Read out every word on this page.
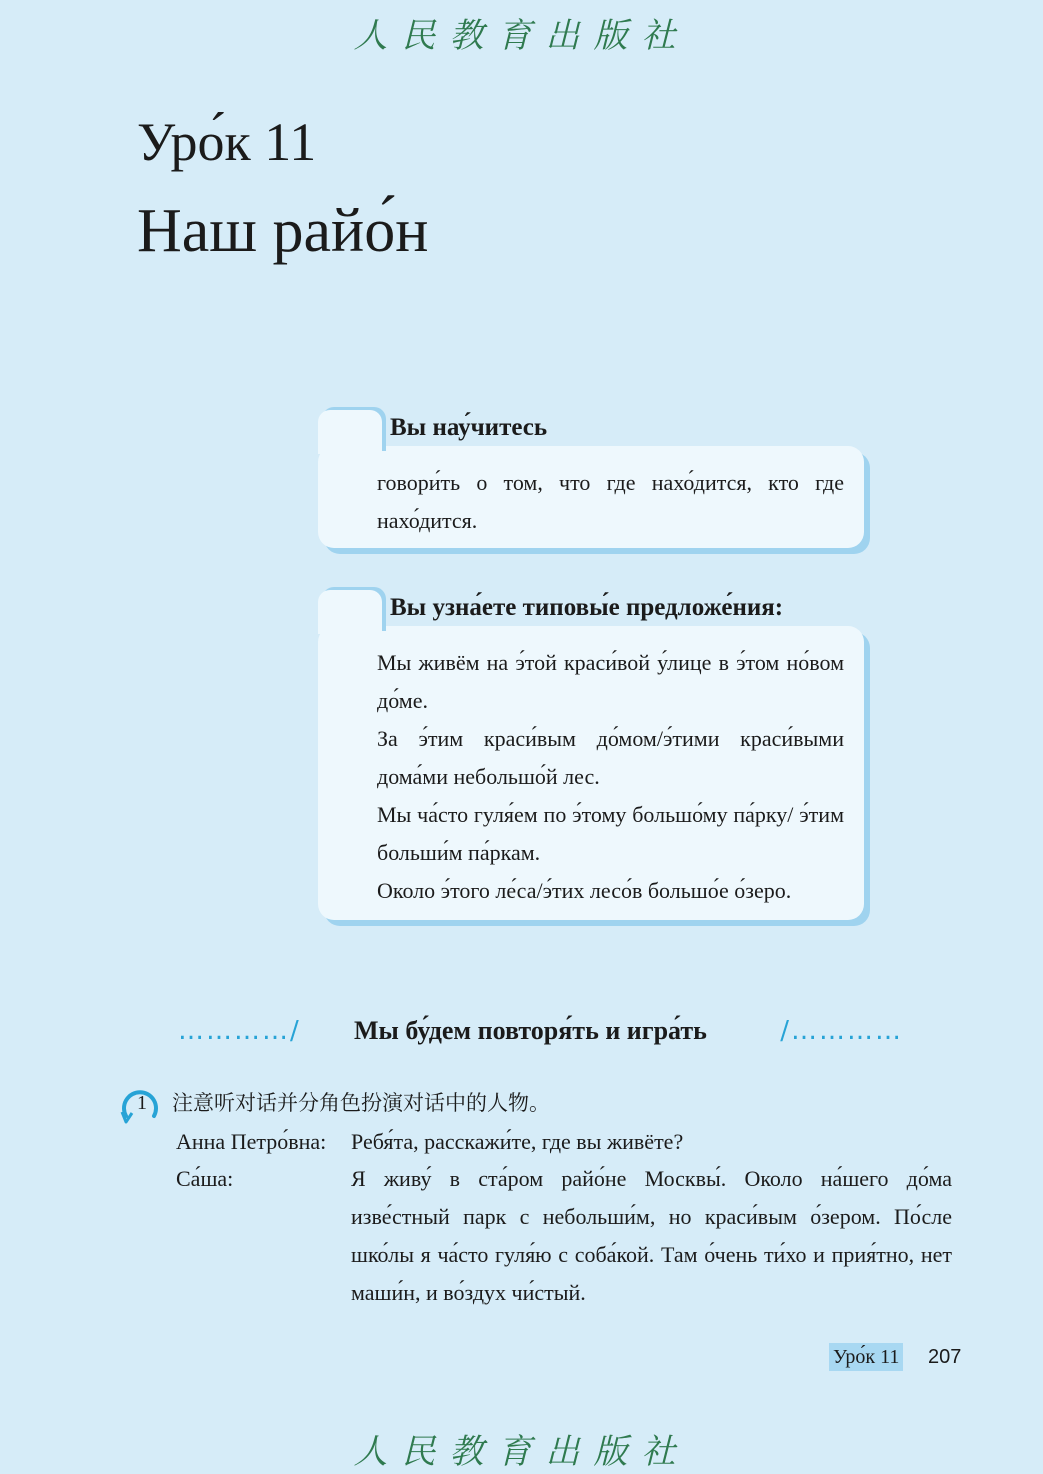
人民教育出版社
Уро́к 11
Наш райо́н
Вы нау́читесь

говори́ть о том, что где нахо́дится, кто где нахо́дится.

Вы узна́ете типовы́е предложе́ния:

Мы живём на э́той краси́вой у́лице в э́том но́вом до́ме.

За э́тим краси́вым до́мом/э́тими краси́выми дома́ми небольшо́й лес.

Мы ча́сто гуля́ем по э́тому большо́му па́рку/ э́тим больши́м па́ркам.

Около э́того ле́са/э́тих лесо́в большо́е о́зеро.

…………/ Мы бу́дем повторя́ть и игра́ть	/…………
1 注意听对话并分角色扮演对话中的人物。
Анна Петро́вна: Ребя́та, расскажи́те, где вы живёте?

Са́ша:	Я живу́ в ста́ром райо́не Москвы́. Около на́шего до́ма изве́стный парк с небольши́м, но краси́вым о́зером. По́сле шко́лы я ча́сто гуля́ю с соба́кой. Там о́чень ти́хо и прия́тно, нет маши́н, и во́здух чи́стый.

Уро́к 11 207
人民教育出版社
